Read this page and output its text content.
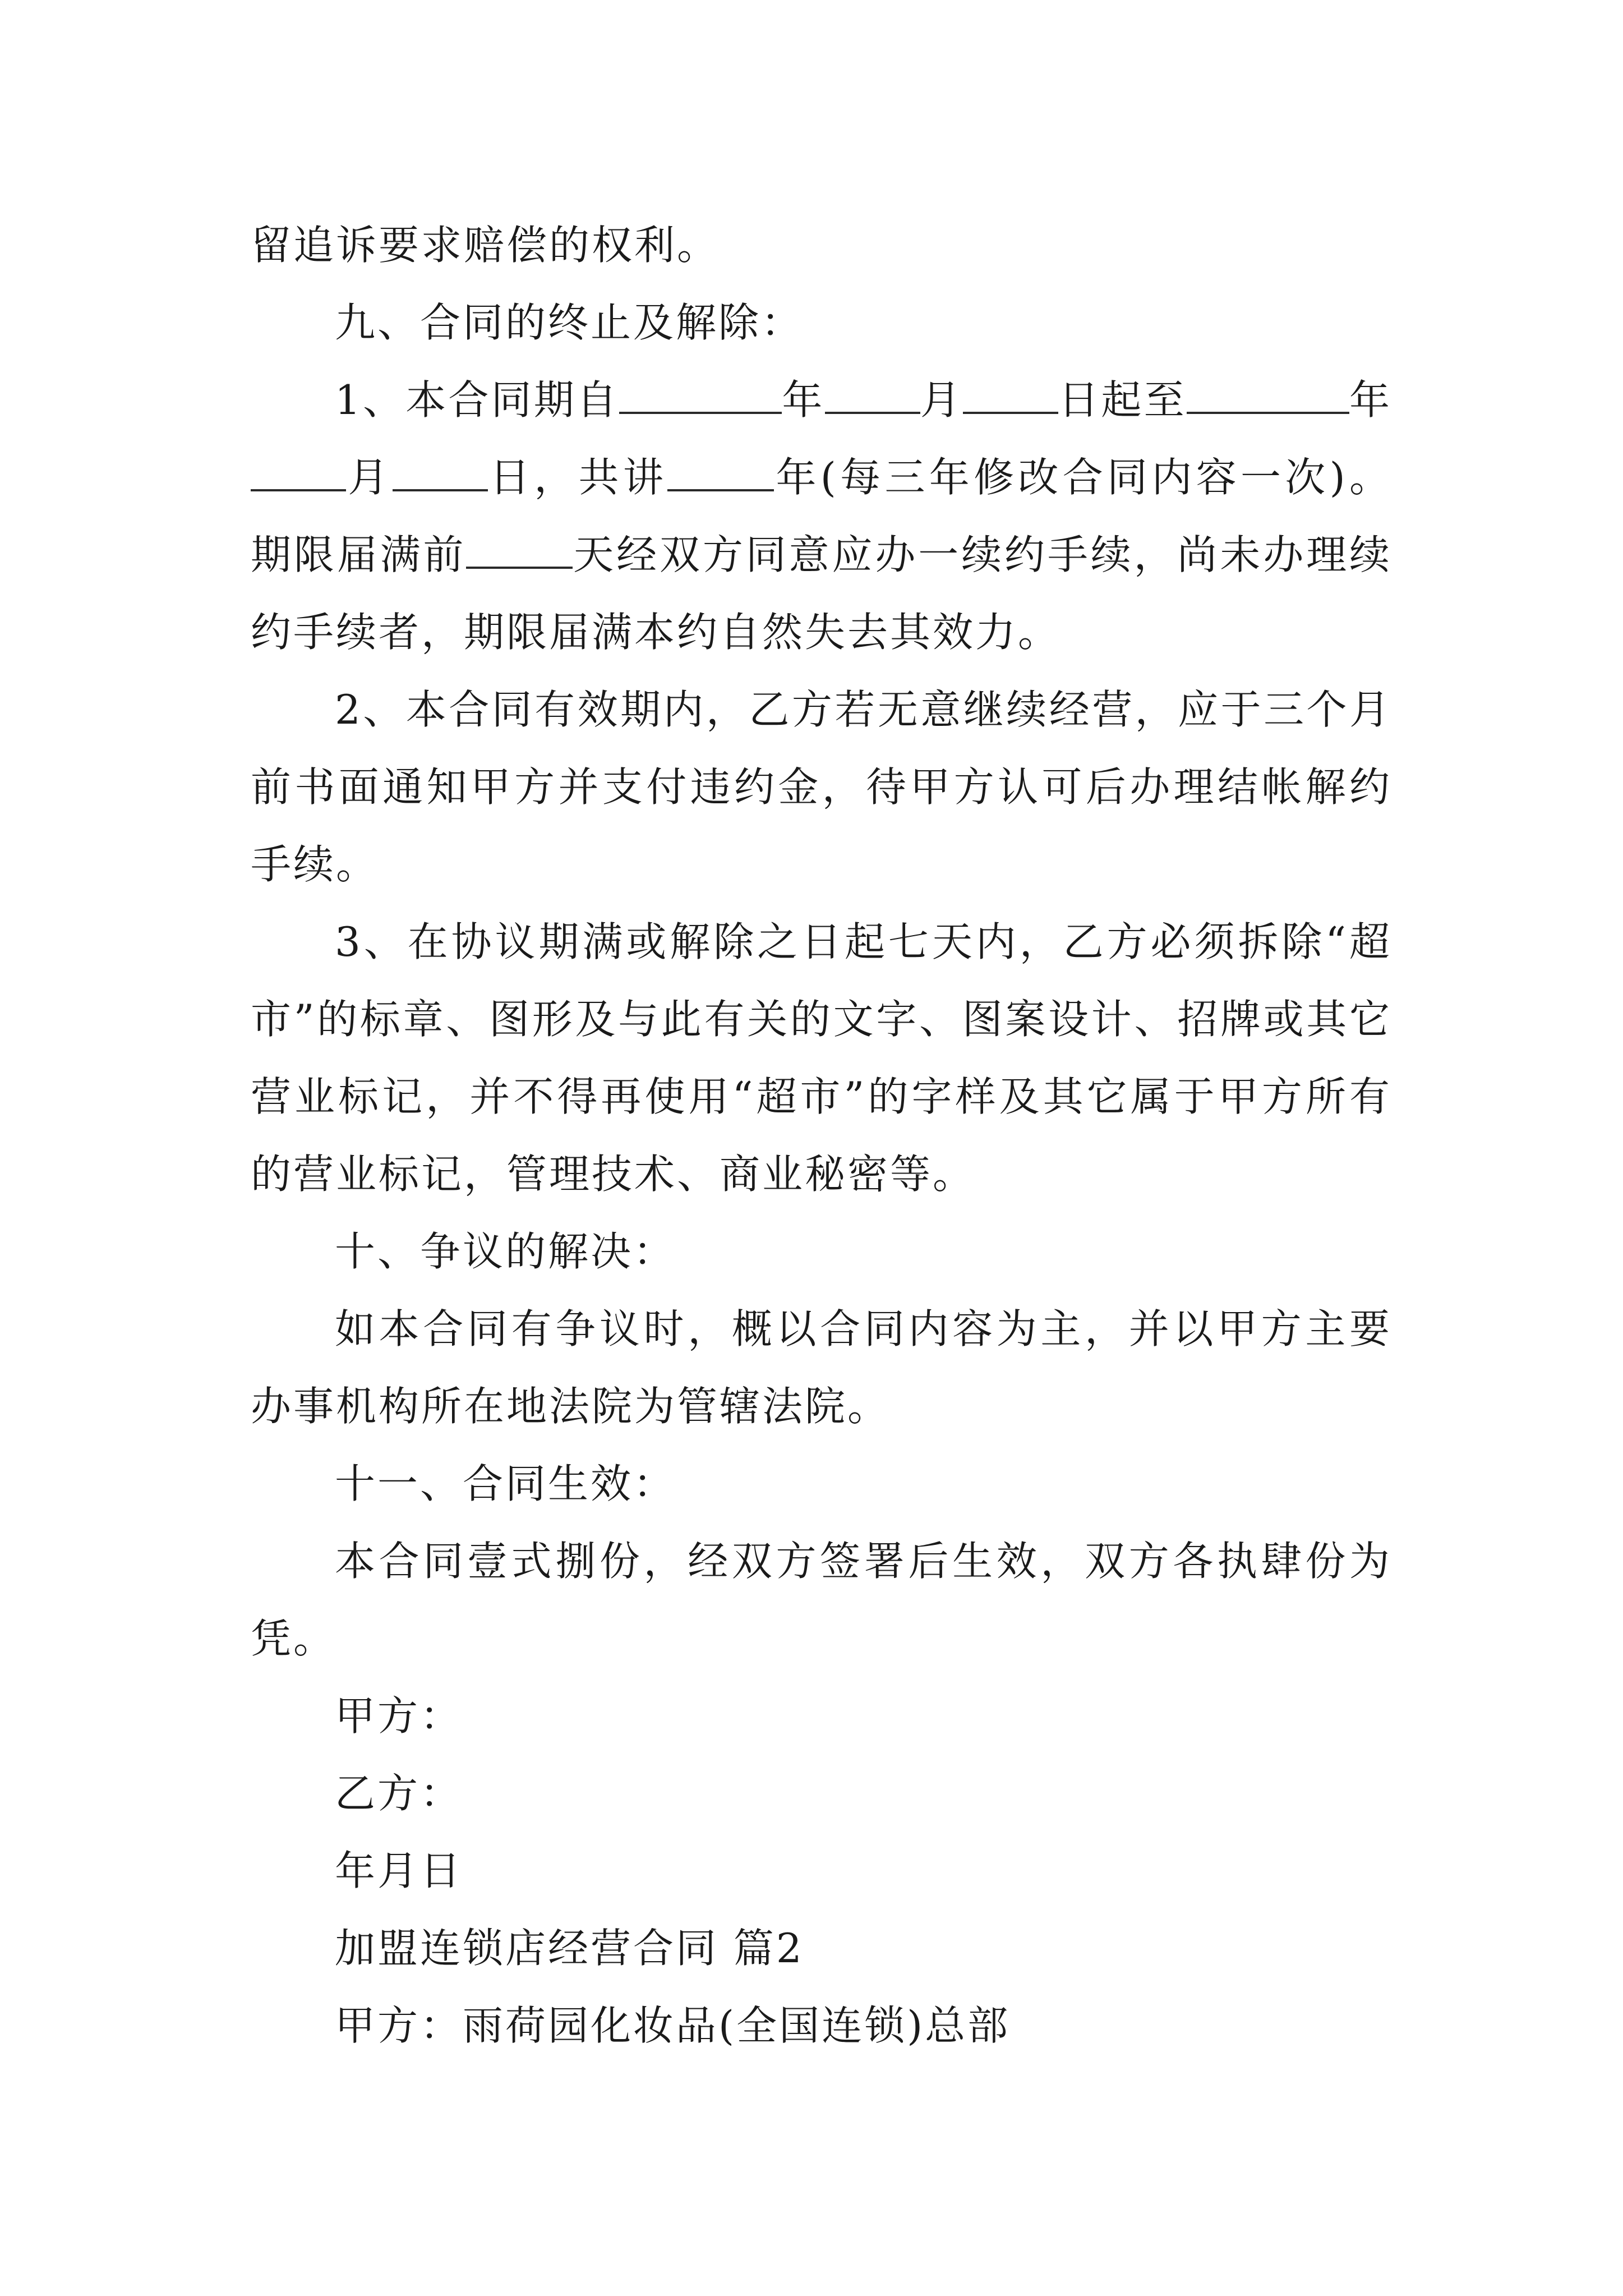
留追诉要求赔偿的权利。

九、合同的终止及解除：

1、本合同期自	年 月 日起至	年月 日，共讲	年(每三年修改合同内容一次)。期限届满前	天经双方同意应办一续约手续，尚未办理续约手续者，期限届满本约自然失去其效力。

2、本合同有效期内，乙方若无意继续经营，应于三个月前书面通知甲方并支付违约金，待甲方认可后办理结帐解约手续。

3、在协议期满或解除之日起七天内，乙方必须拆除“超市”的标章、图形及与此有关的文字、图案设计、招牌或其它营业标记，并不得再使用“超市”的字样及其它属于甲方所有的营业标记，管理技术、商业秘密等。

十、争议的解决：

如本合同有争议时，概以合同内容为主，并以甲方主要办事机构所在地法院为管辖法院。

十一、合同生效：

本合同壹式捌份，经双方签署后生效，双方各执肆份为凭。

甲方：

乙方：

年月日

加盟连锁店经营合同 篇2

甲方：雨荷园化妆品(全国连锁)总部
